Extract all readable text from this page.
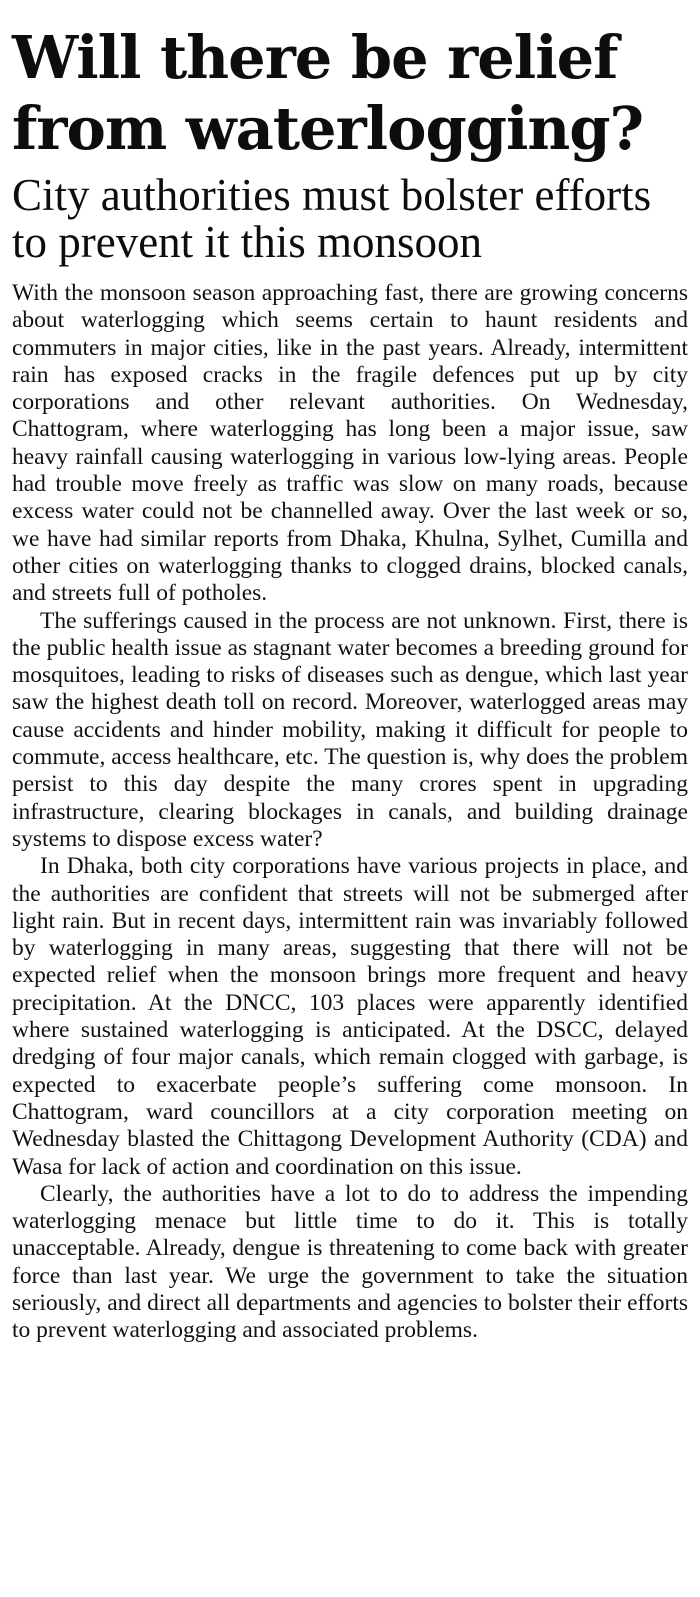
Will there be relief
from waterlogging?
City authorities must bolster efforts to prevent it this monsoon

With the monsoon season approaching fast, there are growing concerns about waterlogging which seems certain to haunt residents and commuters in major cities, like in the past years. Already, intermittent rain has exposed cracks in the fragile defences put up by city corporations and other relevant authorities. On Wednesday, Chattogram, where waterlogging has long been a major issue, saw heavy rainfall causing waterlogging in various low-lying areas. People had trouble move freely as traffic was slow on many roads, because excess water could not be channelled away. Over the last week or so, we have had similar reports from Dhaka, Khulna, Sylhet, Cumilla and other cities on waterlogging thanks to clogged drains, blocked canals, and streets full of potholes.

The sufferings caused in the process are not unknown. First, there is the public health issue as stagnant water becomes a breeding ground for mosquitoes, leading to risks of diseases such as dengue, which last year saw the highest death toll on record. Moreover, waterlogged areas may cause accidents and hinder mobility, making it difficult for people to commute, access healthcare, etc. The question is, why does the problem persist to this day despite the many crores spent in upgrading infrastructure, clearing blockages in canals, and building drainage systems to dispose excess water?

In Dhaka, both city corporations have various projects in place, and the authorities are confident that streets will not be submerged after light rain. But in recent days, intermittent rain was invariably followed by waterlogging in many areas, suggesting that there will not be expected relief when the monsoon brings more frequent and heavy precipitation. At the DNCC, 103 places were apparently identified where sustained waterlogging is anticipated. At the DSCC, delayed dredging of four major canals, which remain clogged with garbage, is expected to exacerbate people’s suffering come monsoon. In Chattogram, ward councillors at a city corporation meeting on Wednesday blasted the Chittagong Development Authority (CDA) and Wasa for lack of action and coordination on this issue.

Clearly, the authorities have a lot to do to address the impending waterlogging menace but little time to do it. This is totally unacceptable. Already, dengue is threatening to come back with greater force than last year. We urge the government to take the situation seriously, and direct all departments and agencies to bolster their efforts to prevent waterlogging and associated problems.
